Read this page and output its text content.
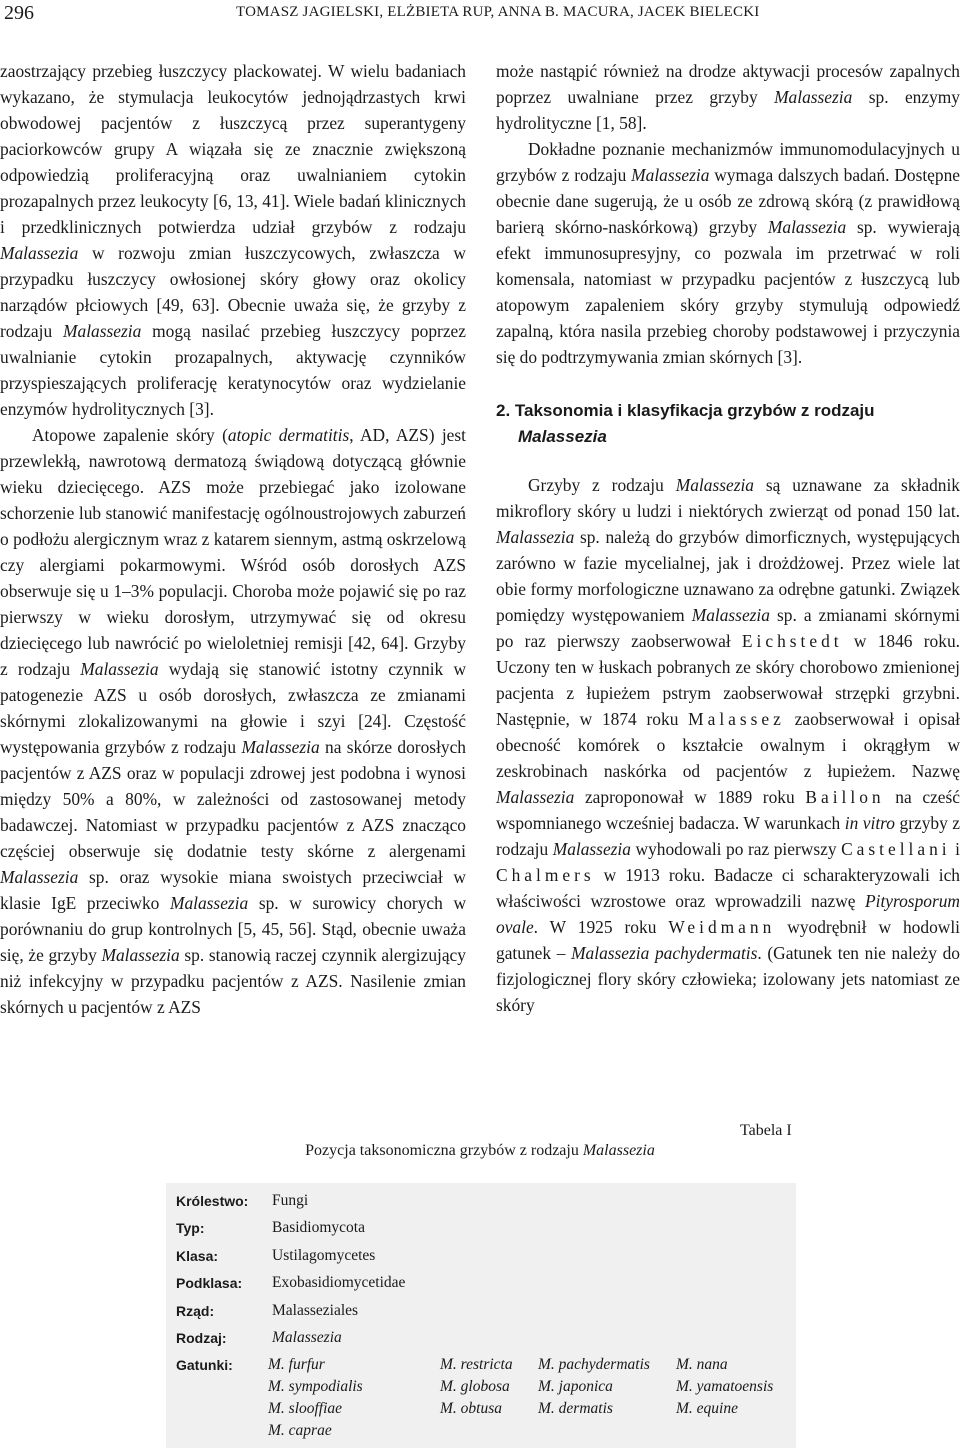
296	TOMASZ JAGIELSKI, ELŻBIETA RUP, ANNA B. MACURA, JACEK BIELECKI

zaostrzający przebieg łuszczycy plackowatej. W wielu badaniach wykazano, że stymulacja leukocytów jednojądrzastych krwi obwodowej pacjentów z łuszczycą przez superantygeny paciorkowców grupy A wiązała się ze znacznie zwiększoną odpowiedzią proliferacyjną oraz uwalnianiem cytokin prozapalnych przez leukocyty [6, 13, 41]. Wiele badań klinicznych i przedklinicznych potwierdza udział grzybów z rodzaju Malassezia w rozwoju zmian łuszczycowych, zwłaszcza w przypadku łuszczycy owłosionej skóry głowy oraz okolicy narządów płciowych [49, 63]. Obecnie uważa się, że grzyby z rodzaju Malassezia mogą nasilać przebieg łuszczycy poprzez uwalnianie cytokin prozapalnych, aktywację czynników przyspieszających proliferację keratynocytów oraz wydzielanie enzymów hydrolitycznych [3].

Atopowe zapalenie skóry (atopic dermatitis, AD, AZS) jest przewlekłą, nawrotową dermatozą świądową dotyczącą głównie wieku dziecięcego. AZS może przebiegać jako izolowane schorzenie lub stanowić manifestację ogólnoustrojowych zaburzeń o podłożu alergicznym wraz z katarem siennym, astmą oskrzelową czy alergiami pokarmowymi. Wśród osób dorosłych AZS obserwuje się u 1–3% populacji. Choroba może pojawić się po raz pierwszy w wieku dorosłym, utrzymywać się od okresu dziecięcego lub nawrócić po wieloletniej remisji [42, 64]. Grzyby z rodzaju Malassezia wydają się stanowić istotny czynnik w patogenezie AZS u osób dorosłych, zwłaszcza ze zmianami skórnymi zlokalizowanymi na głowie i szyi [24]. Częstość występowania grzybów z rodzaju Malassezia na skórze dorosłych pacjentów z AZS oraz w populacji zdrowej jest podobna i wynosi między 50% a 80%, w zależności od zastosowanej metody badawczej. Natomiast w przypadku pacjentów z AZS znacząco częściej obserwuje się dodatnie testy skórne z alergenami Malassezia sp. oraz wysokie miana swoistych przeciwciał w klasie IgE przeciwko Malassezia sp. w surowicy chorych w porównaniu do grup kontrolnych [5, 45, 56]. Stąd, obecnie uważa się, że grzyby Malassezia sp. stanowią raczej czynnik alergizujący niż infekcyjny w przypadku pacjentów z AZS. Nasilenie zmian skórnych u pacjentów z AZS

może nastąpić również na drodze aktywacji procesów zapalnych poprzez uwalniane przez grzyby Malassezia sp. enzymy hydrolityczne [1, 58].

Dokładne poznanie mechanizmów immunomodulacyjnych u grzybów z rodzaju Malassezia wymaga dalszych badań. Dostępne obecnie dane sugerują, że u osób ze zdrową skórą (z prawidłową barierą skórno-naskórkową) grzyby Malassezia sp. wywierają efekt immunosupresyjny, co pozwala im przetrwać w roli komensala, natomiast w przypadku pacjentów z łuszczycą lub atopowym zapaleniem skóry grzyby stymulują odpowiedź zapalną, która nasila przebieg choroby podstawowej i przyczynia się do podtrzymywania zmian skórnych [3].

2. Taksonomia i klasyfikacja grzybów z rodzaju Malassezia

Grzyby z rodzaju Malassezia są uznawane za składnik mikroflory skóry u ludzi i niektórych zwierząt od ponad 150 lat. Malassezia sp. należą do grzybów dimorficznych, występujących zarówno w fazie mycelialnej, jak i drożdżowej. Przez wiele lat obie formy morfologiczne uznawano za odrębne gatunki. Związek pomiędzy występowaniem Malassezia sp. a zmianami skórnymi po raz pierwszy zaobserwował Eichstedt w 1846 roku. Uczony ten w łuskach pobranych ze skóry chorobowo zmienionej pacjenta z łupieżem pstrym zaobserwował strzępki grzybni. Następnie, w 1874 roku Malassez zaobserwował i opisał obecność komórek o kształcie owalnym i okrągłym w zeskrobinach naskórka od pacjentów z łupieżem. Nazwę Malassezia zaproponował w 1889 roku Baillon na cześć wspomnianego wcześniej badacza. W warunkach in vitro grzyby z rodzaju Malassezia wyhodowali po raz pierwszy Castellani i Chalmers w 1913 roku. Badacze ci scharakteryzowali ich właściwości wzrostowe oraz wprowadzili nazwę Pityrosporum ovale. W 1925 roku Weidmann wyodrębnił w hodowli gatunek – Malassezia pachydermatis. (Gatunek ten nie należy do fizjologicznej flory skóry człowieka; izolowany jets natomiast ze skóry

Tabela I
Pozycja taksonomiczna grzybów z rodzaju Malassezia
Królestwo:	Fungi
Typ:	Basidiomycota
Klasa:	Ustilagomycetes
Podklasa:	Exobasidiomycetidae
Rząd:	Malasseziales
Rodzaj:	Malassezia
Gatunki:	M. furfur	M. restricta	M. pachydermatis	M. nana
M. sympodialis	M. globosa	M. japonica	M. yamatoensis
M. slooffiae	M. obtusa	M. dermatis	M. equine
M. caprae
